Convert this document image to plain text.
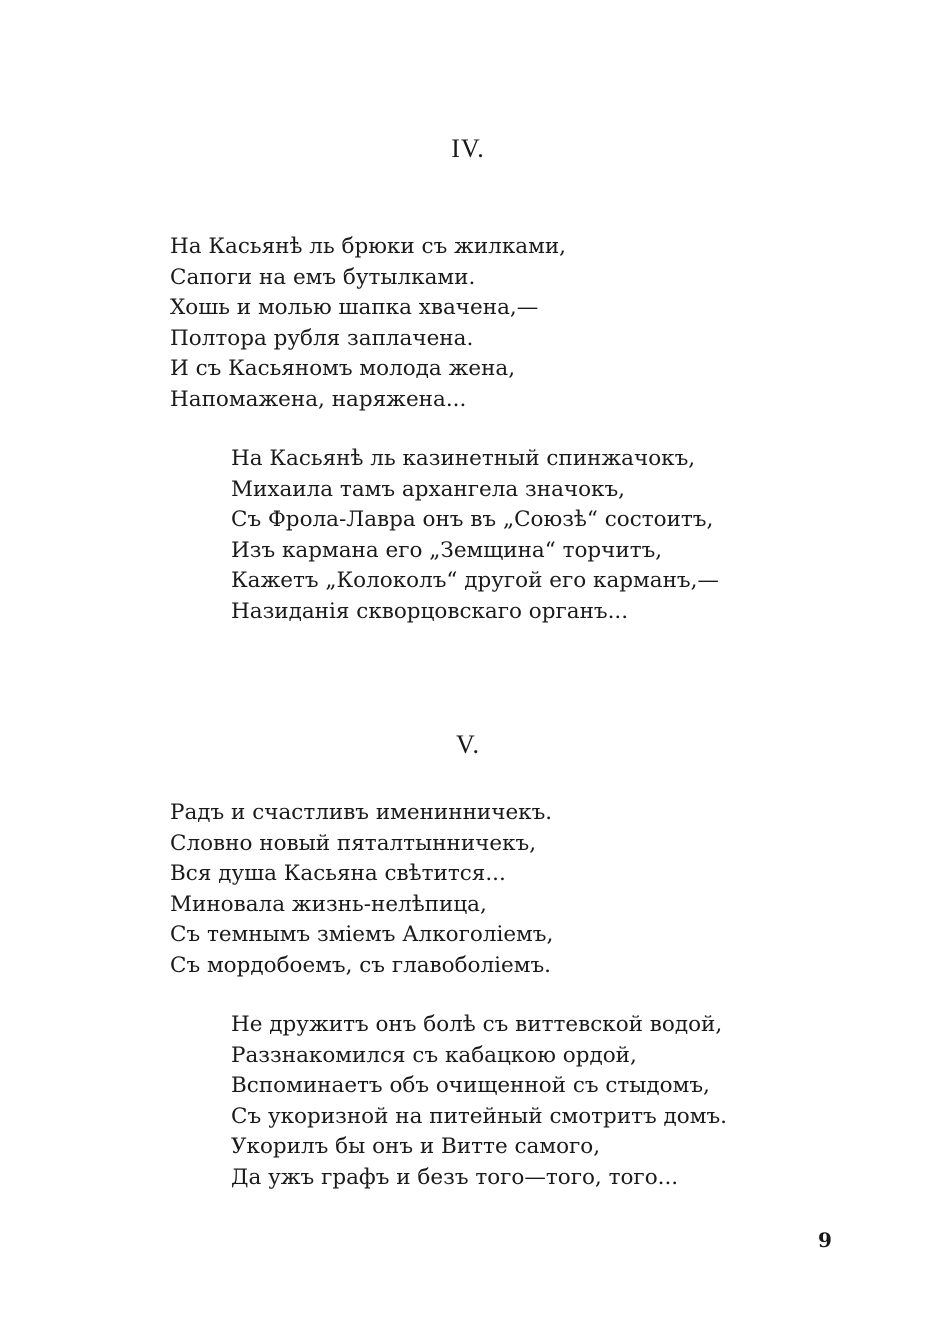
IV.
На Касьянѣ ль брюки съ жилками,
Сапоги на емъ бутылками.
Хошь и молью шапка хвачена,—
Полтора рубля заплачена.
И съ Касьяномъ молода жена,
Напомажена, наряжена...
На Касьянѣ ль казинетный спинжачокъ,
Михаила тамъ архангела значокъ,
Съ Фрола-Лавра онъ въ „Союзѣ“ состоитъ,
Изъ кармана его „Земщина“ торчитъ,
Кажетъ „Колоколъ“ другой его карманъ,—
Назиданія скворцовскаго оргaнъ...
V.
Радъ и счастливъ именинничекъ.
Словно новый пяталтынничекъ,
Вся душа Касьяна свѣтится...
Миновала жизнь-нелѣпица,
Съ темнымъ зміемъ Алкоголіемъ,
Съ мордобоемъ, съ главоболіемъ.
Не дружитъ онъ болѣ съ виттевской водой,
Раззнакомился съ кабацкою ордой,
Вспоминаетъ объ очищенной съ стыдомъ,
Съ укоризной на питейный смотритъ домъ.
Укорилъ бы онъ и Витте самого,
Да ужъ графъ и безъ того—того, того...
9
